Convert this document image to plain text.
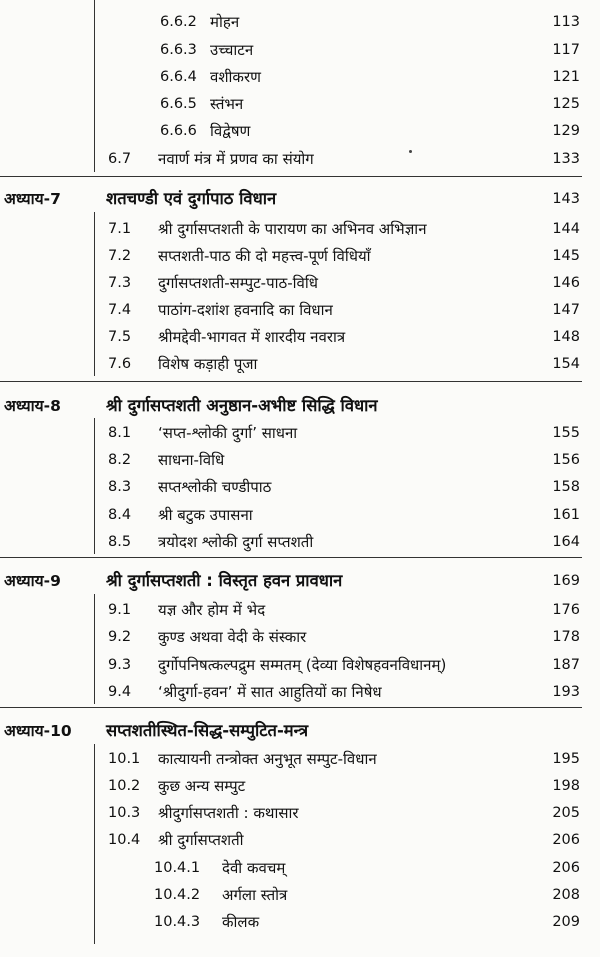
6.6.2 मोहन	113
6.6.3 उच्चाटन	117
6.6.4 वशीकरण	121
6.6.5 स्तंभन	125
6.6.6 विद्वेषण	129
6.7 नवार्ण मंत्र में प्रणव का संयोग	133
अध्याय-7	शतचण्डी एवं दुर्गापाठ विधान	143
7.1 श्री दुर्गासप्तशती के पारायण का अभिनव अभिज्ञान	144
7.2 सप्तशती-पाठ की दो महत्त्व-पूर्ण विधियाँ	145
7.3 दुर्गासप्तशती-सम्पुट-पाठ-विधि	146
7.4 पाठांग-दशांश हवनादि का विधान	147
7.5 श्रीमद्देवी-भागवत में शारदीय नवरात्र	148
7.6 विशेष कड़ाही पूजा	154
अध्याय-8	श्री दुर्गासप्तशती अनुष्ठान-अभीष्ट सिद्धि विधान
8.1 ‘सप्त-श्लोकी दुर्गा’ साधना	155
8.2 साधना-विधि	156
8.3 सप्तश्लोकी चण्डीपाठ	158
8.4 श्री बटुक उपासना	161
8.5 त्रयोदश श्लोकी दुर्गा सप्तशती	164
अध्याय-9	श्री दुर्गासप्तशती : विस्तृत हवन प्रावधान	169
9.1 यज्ञ और होम में भेद	176
9.2 कुण्ड अथवा वेदी के संस्कार	178
9.3 दुर्गोपनिषत्कल्पद्रुम सम्मतम् (देव्या विशेषहवनविधानम्)	187
9.4 ‘श्रीदुर्गा-हवन’ में सात आहुतियों का निषेध	193
अध्याय-10 सप्तशतीस्थित-सिद्ध-सम्पुटित-मन्त्र
10.1 कात्यायनी तन्त्रोक्त अनुभूत सम्पुट-विधान	195
10.2 कुछ अन्य सम्पुट	198
10.3 श्रीदुर्गासप्तशती : कथासार	205
10.4 श्री दुर्गासप्तशती	206
10.4.1 देवी कवचम्	206
10.4.2 अर्गला स्तोत्र	208
10.4.3 कीलक	209
